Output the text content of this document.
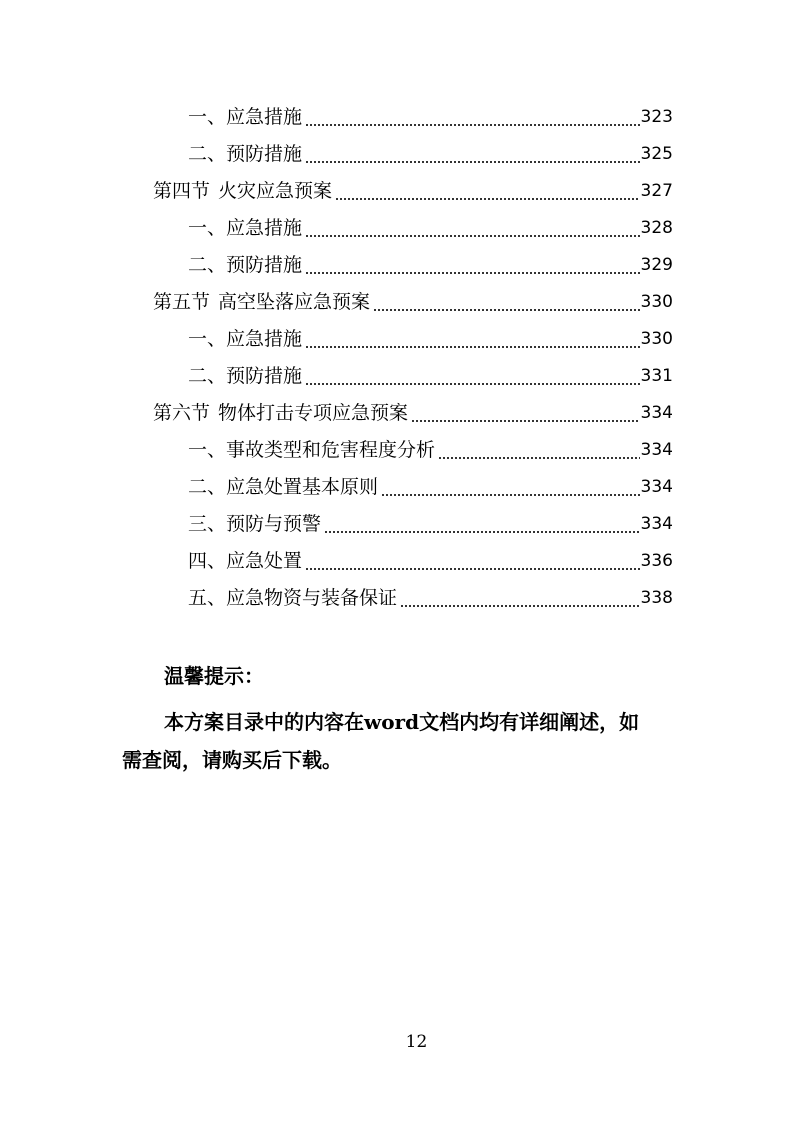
一、 应急措施	323
二、 预防措施	325
第四节 火灾应急预案	327
一、 应急措施	328
二、 预防措施	329
第五节 高空坠落应急预案	330
一、 应急措施	330
二、 预防措施	331
第六节 物体打击专项应急预案	334
一、 事故类型和危害程度分析	334
二、 应急处置基本原则	334
三、 预防与预警	334
四、 应急处置	336
五、 应急物资与装备保证	338
温馨提示：
本方案目录中的内容在word文档内均有详细阐述，如
需查阅，请购买后下载。
12
